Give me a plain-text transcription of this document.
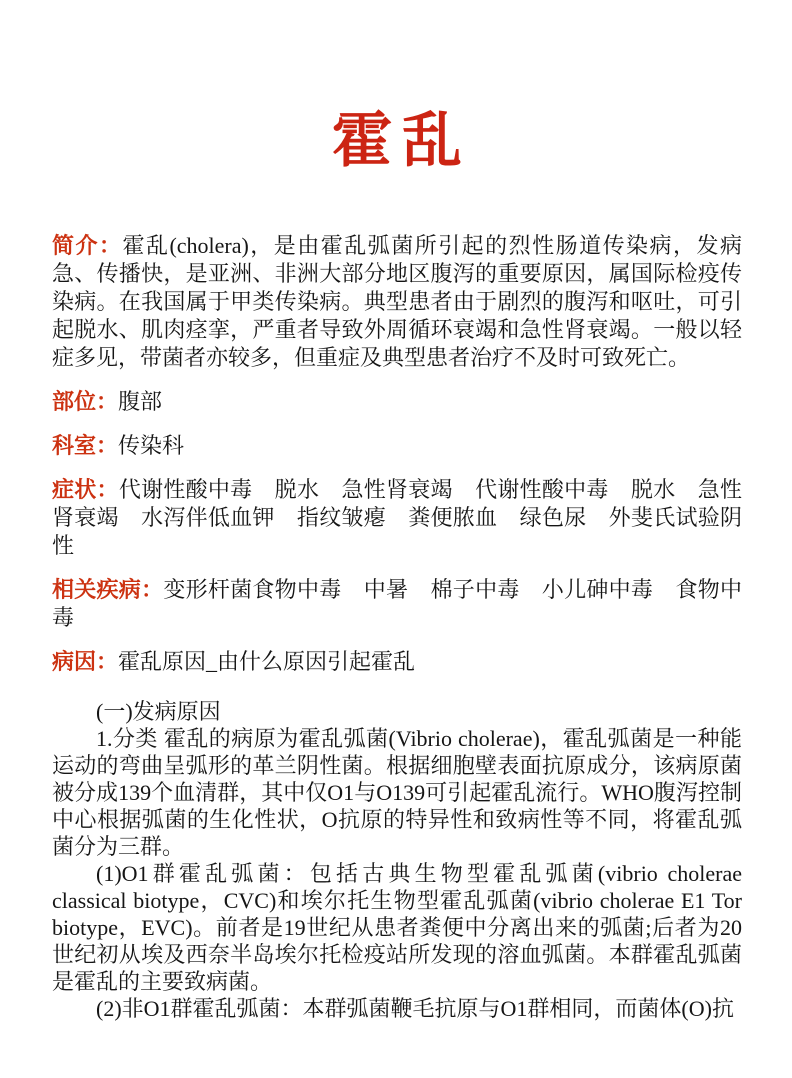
霍乱

简介：霍乱(cholera)，是由霍乱弧菌所引起的烈性肠道传染病，发病急、传播快，是亚洲、非洲大部分地区腹泻的重要原因，属国际检疫传染病。在我国属于甲类传染病。典型患者由于剧烈的腹泻和呕吐，可引起脱水、肌肉痉挛，严重者导致外周循环衰竭和急性肾衰竭。一般以轻症多见，带菌者亦较多，但重症及典型患者治疗不及时可致死亡。

部位：腹部

科室：传染科

症状：代谢性酸中毒　脱水　急性肾衰竭　代谢性酸中毒　脱水　急性肾衰竭　水泻伴低血钾　指纹皱瘪　粪便脓血　绿色尿　外斐氏试验阴性

相关疾病：变形杆菌食物中毒　中暑　棉子中毒　小儿砷中毒　食物中毒

病因：霍乱原因_由什么原因引起霍乱

(一)发病原因

1.分类 霍乱的病原为霍乱弧菌(Vibrio cholerae)，霍乱弧菌是一种能运动的弯曲呈弧形的革兰阴性菌。根据细胞壁表面抗原成分，该病原菌被分成139个血清群，其中仅O1与O139可引起霍乱流行。WHO腹泻控制中心根据弧菌的生化性状，O抗原的特异性和致病性等不同，将霍乱弧菌分为三群。

(1)O1群霍乱弧菌：包括古典生物型霍乱弧菌(vibrio cholerae classical biotype，CVC)和埃尔托生物型霍乱弧菌(vibrio cholerae E1 Tor biotype，EVC)。前者是19世纪从患者粪便中分离出来的弧菌;后者为20世纪初从埃及西奈半岛埃尔托检疫站所发现的溶血弧菌。本群霍乱弧菌是霍乱的主要致病菌。

(2)非O1群霍乱弧菌：本群弧菌鞭毛抗原与O1群相同，而菌体(O)抗
